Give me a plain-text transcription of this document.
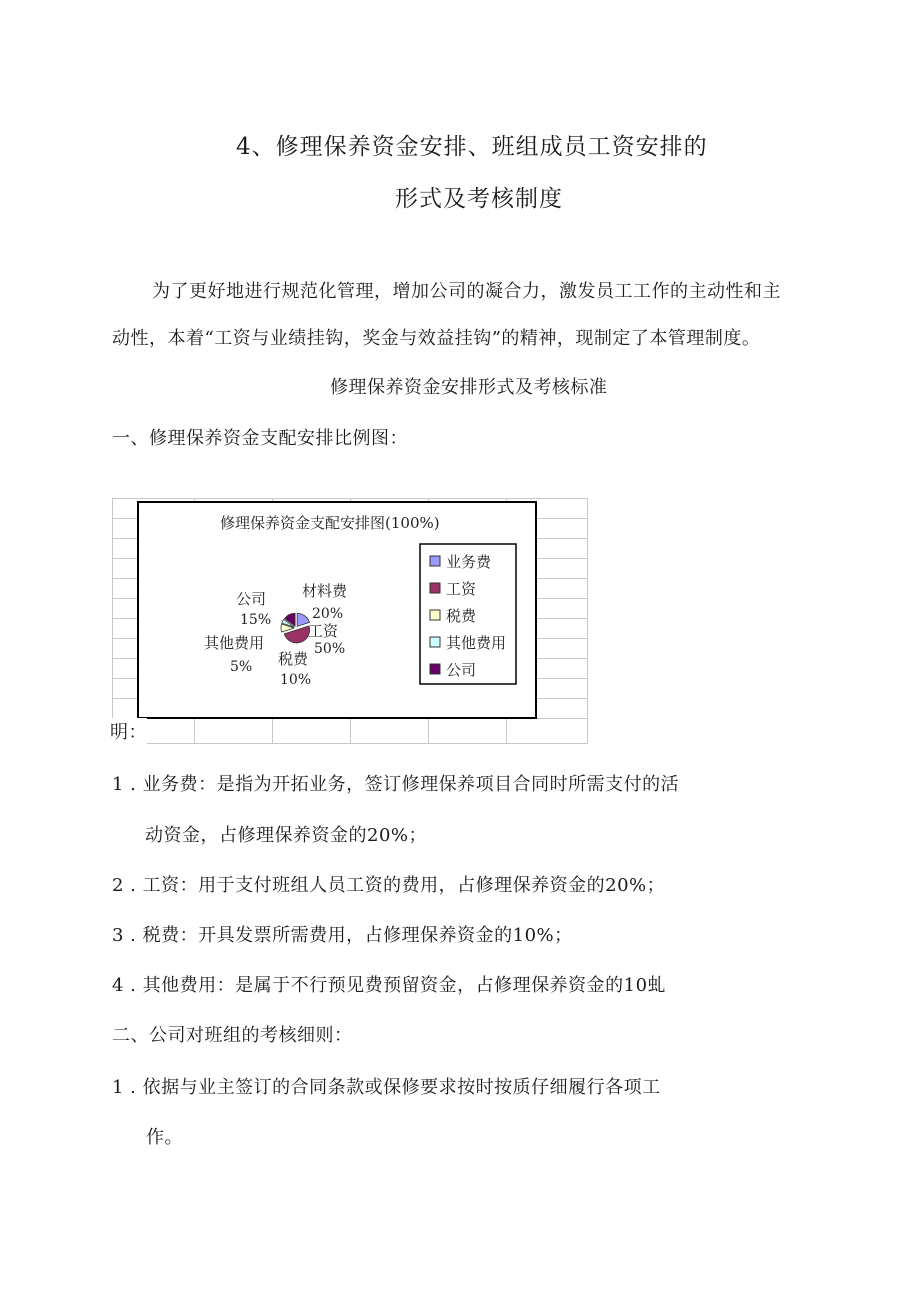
4、修理保养资金安排、班组成员工资安排的
形式及考核制度
为了更好地进行规范化管理，增加公司的凝合力，激发员工工作的主动性和主
动性，本着“工资与业绩挂钩，奖金与效益挂钩”的精神，现制定了本管理制度。
修理保养资金安排形式及考核标准
一、修理保养资金支配安排比例图：
修理保养资金支配安排图(100%)
公司
15%
材料费
20%
工资
50%
其他费用
5% 税费
10%
业务费
工资
税费
其他费用
公司
明：
1 . 业务费：是指为开拓业务，签订修理保养项目合同时所需支付的活
动资金，占修理保养资金的20%；
2 . 工资：用于支付班组人员工资的费用，占修理保养资金的20%；
3 . 税费：开具发票所需费用，占修理保养资金的10%；
4 . 其他费用：是属于不行预见费预留资金，占修理保养资金的10虬
二、公司对班组的考核细则：
1 . 依据与业主签订的合同条款或保修要求按时按质仔细履行各项工
作。
